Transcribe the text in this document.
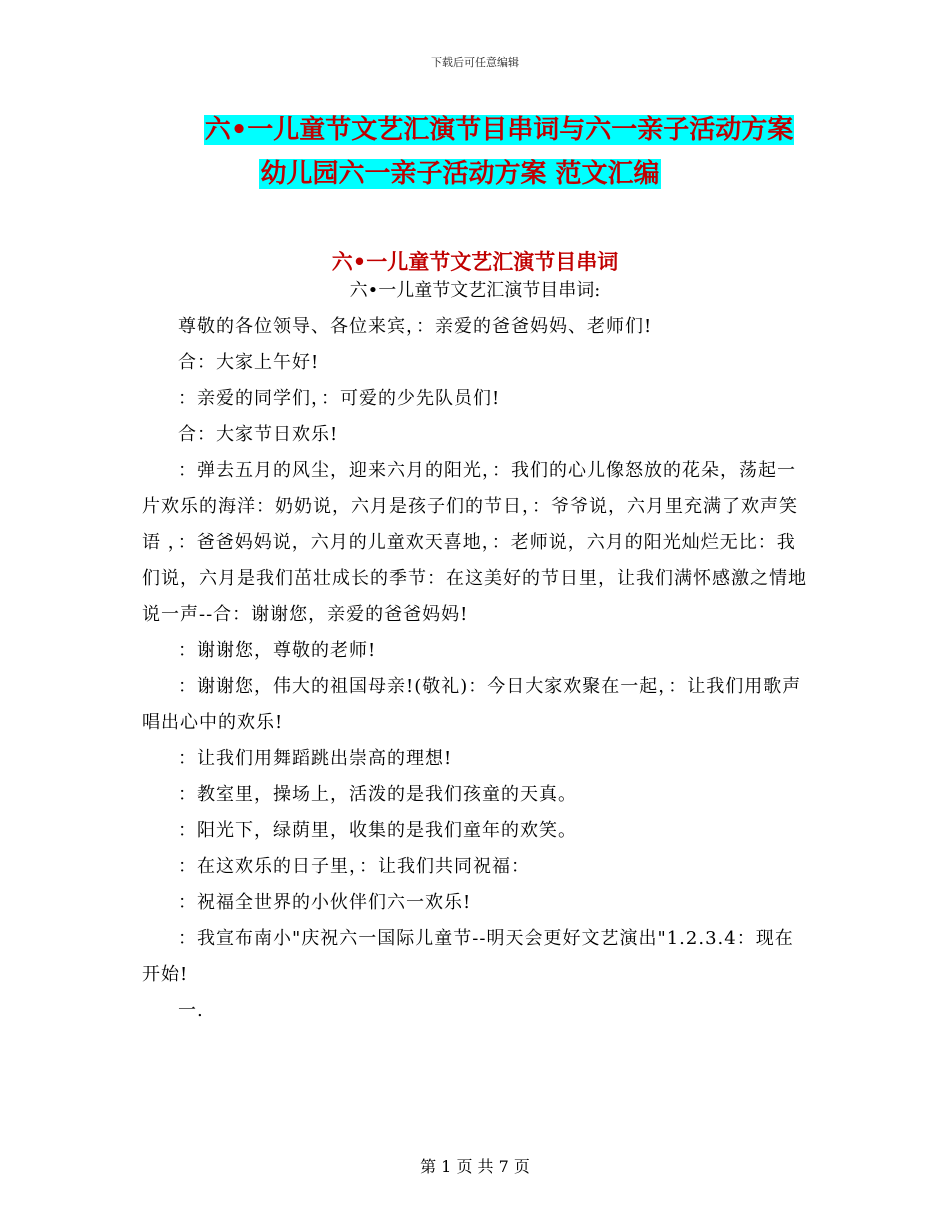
下载后可任意编辑
六•一儿童节文艺汇演节目串词与六一亲子活动方案
幼儿园六一亲子活动方案 范文汇编
六•一儿童节文艺汇演节目串词
六•一儿童节文艺汇演节目串词:

尊敬的各位领导、各位来宾，：亲爱的爸爸妈妈、老师们!

合：大家上午好!

：亲爱的同学们，：可爱的少先队员们!

合：大家节日欢乐!

：弹去五月的风尘，迎来六月的阳光，：我们的心儿像怒放的花朵，荡起一片欢乐的海洋：奶奶说，六月是孩子们的节日，：爷爷说，六月里充满了欢声笑语 ，：爸爸妈妈说，六月的儿童欢天喜地，：老师说，六月的阳光灿烂无比：我们说，六月是我们茁壮成长的季节：在这美好的节日里，让我们满怀感激之情地说一声--合：谢谢您，亲爱的爸爸妈妈!

：谢谢您，尊敬的老师!

：谢谢您，伟大的祖国母亲!(敬礼)：今日大家欢聚在一起，：让我们用歌声唱出心中的欢乐!

：让我们用舞蹈跳出崇高的理想!

：教室里，操场上，活泼的是我们孩童的天真。

：阳光下，绿荫里，收集的是我们童年的欢笑。

：在这欢乐的日子里，：让我们共同祝福：

：祝福全世界的小伙伴们六一欢乐!

：我宣布南小"庆祝六一国际儿童节--明天会更好文艺演出"1.2.3.4：现在开始!

一.

第 1 页 共 7 页
